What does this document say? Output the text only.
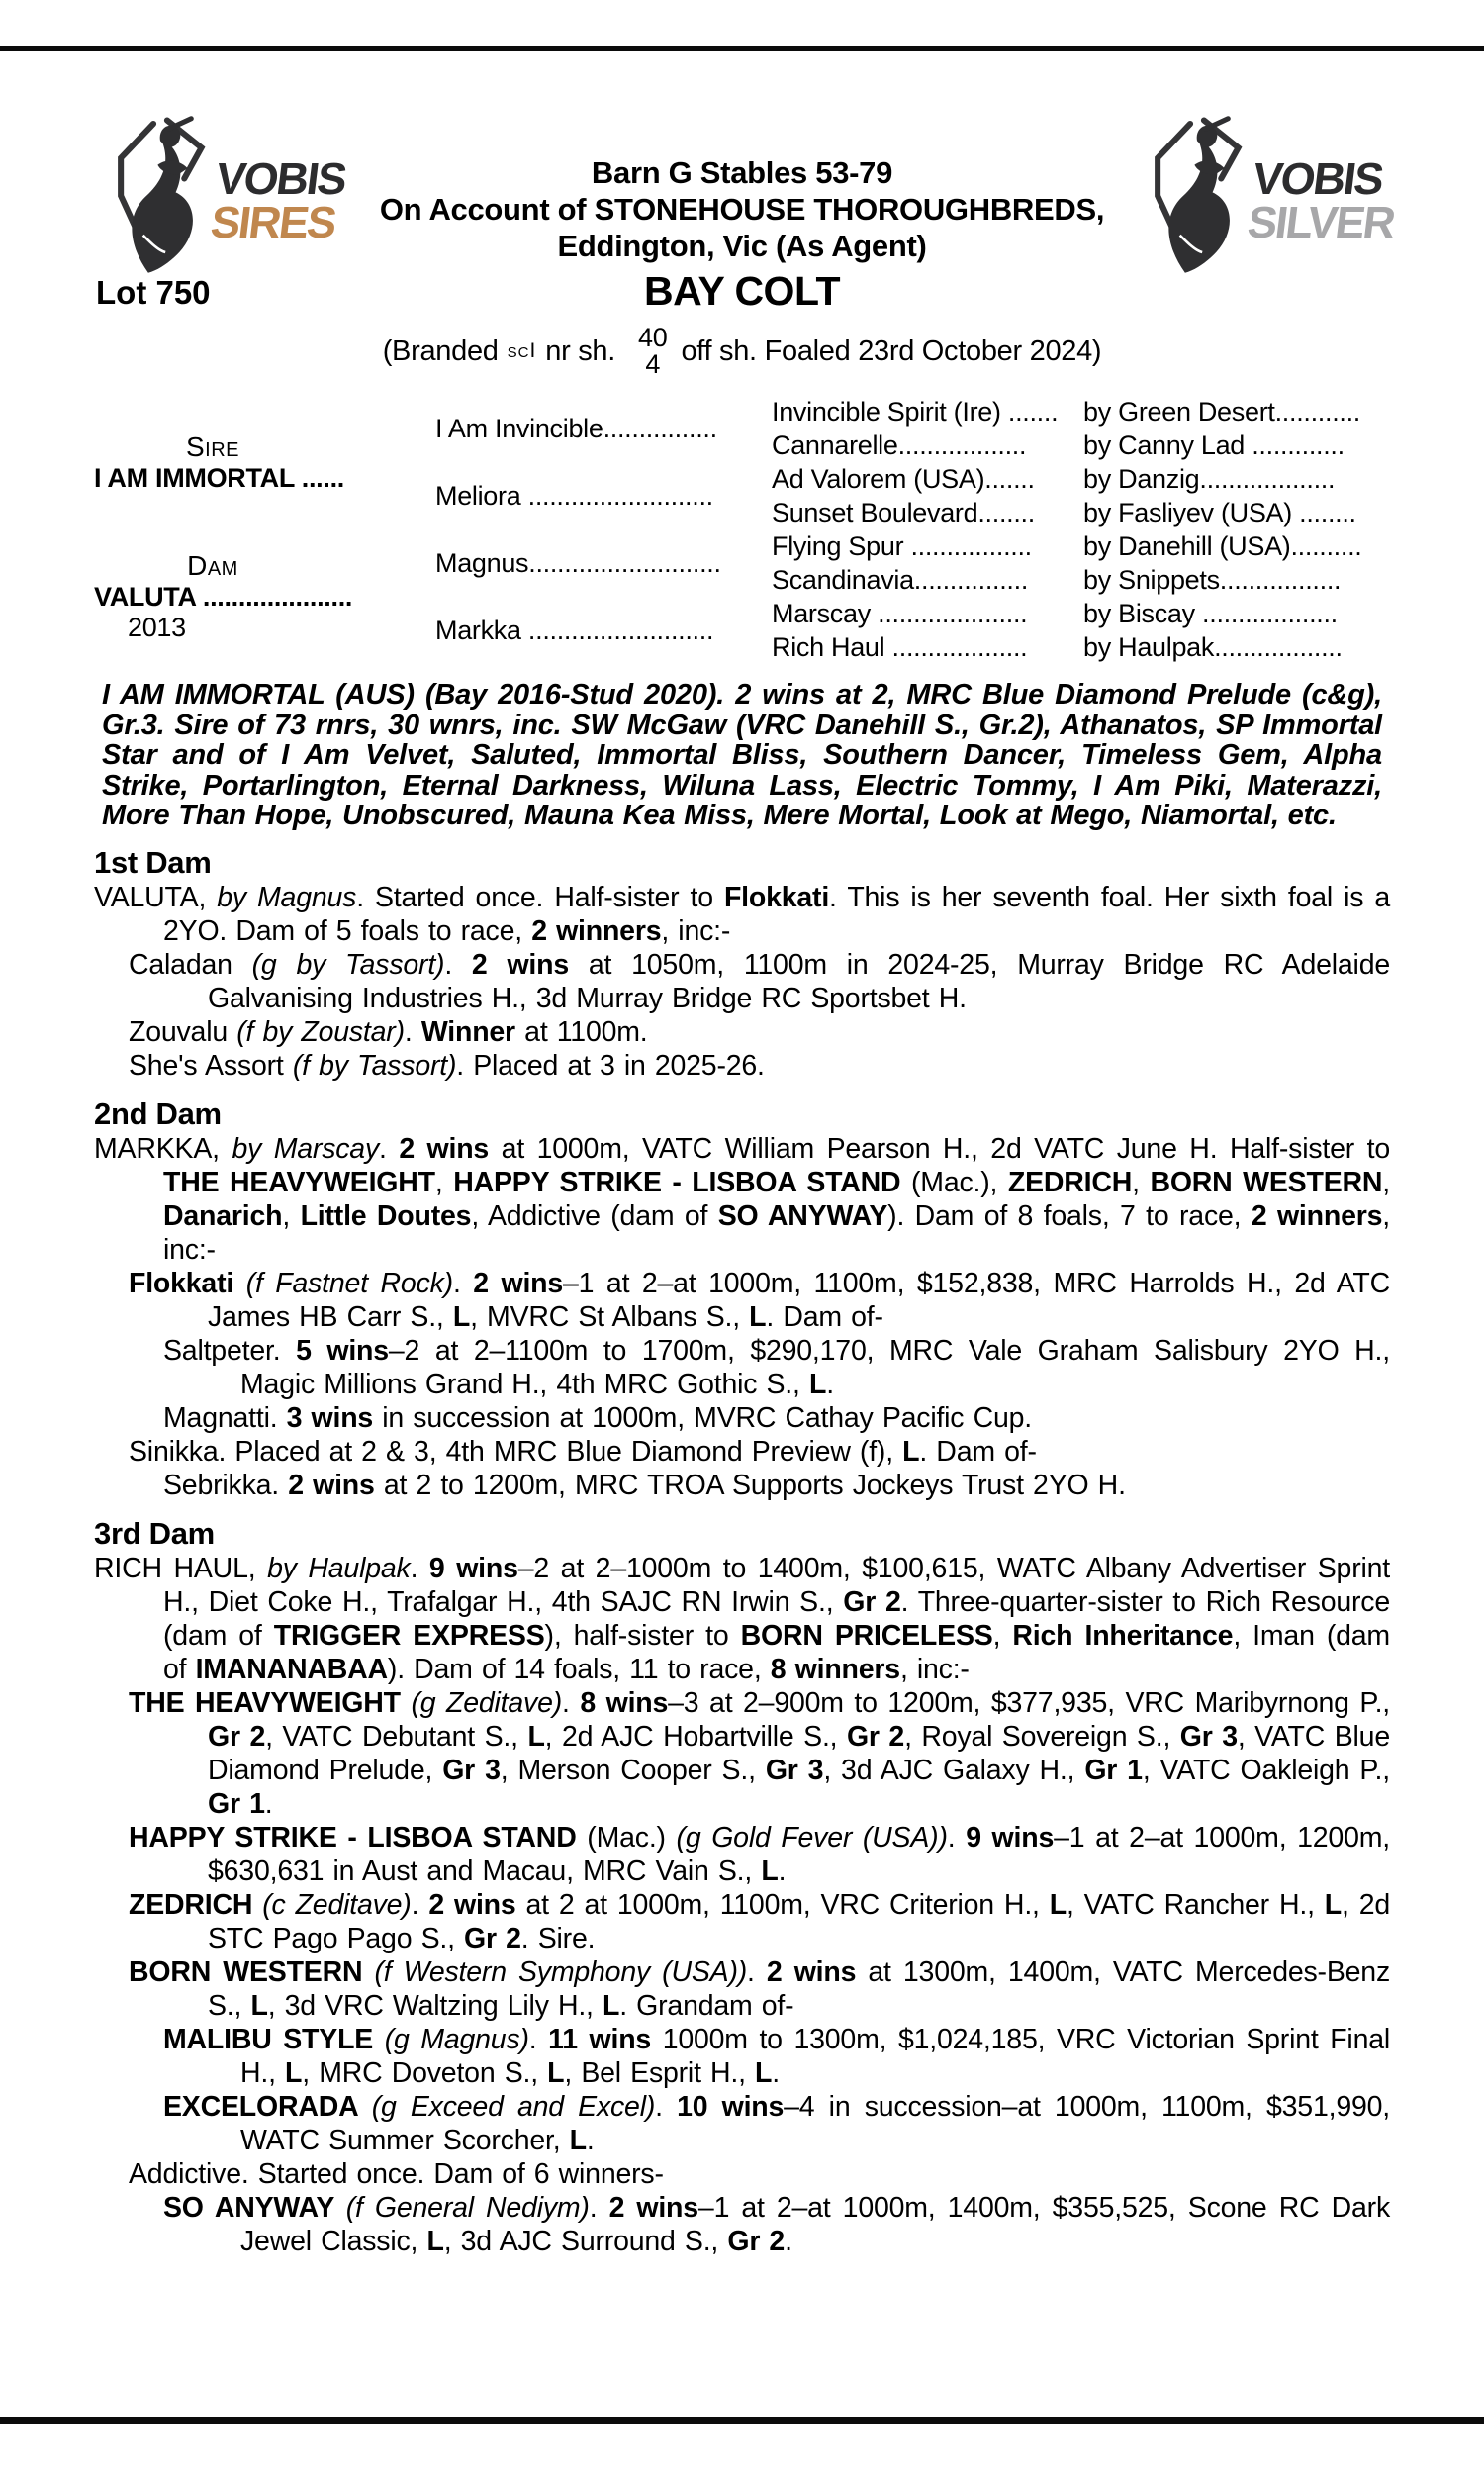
VOBIS
SIRES
VOBIS
SILVER
Barn G Stables 53-79
On Account of STONEHOUSE THOROUGHBREDS,
Eddington, Vic (As Agent)
Lot 750	BAY COLT
(Branded scI nr sh. 40
4 off sh. Foaled 23rd October 2024)
Sire
I AM IMMORTAL ......
Dam
VALUTA .....................
2013
I Am Invincible................
Meliora ..........................
Magnus...........................
Markka ..........................
Invincible Spirit (Ire) .......
Cannarelle..................
Ad Valorem (USA).......
Sunset Boulevard........
Flying Spur .................
Scandinavia................
Marscay .....................
Rich Haul ...................
by Green Desert............
by Canny Lad .............
by Danzig...................
by Fasliyev (USA) ........
by Danehill (USA)..........
by Snippets.................
by Biscay ...................
by Haulpak..................
I AM IMMORTAL (AUS) (Bay 2016-Stud 2020). 2 wins at 2, MRC Blue Diamond Prelude (c&g), Gr.3. Sire of 73 rnrs, 30 wnrs, inc. SW McGaw (VRC Danehill S., Gr.2), Athanatos, SP Immortal Star and of I Am Velvet, Saluted, Immortal Bliss, Southern Dancer, Timeless Gem, Alpha Strike, Portarlington, Eternal Darkness, Wiluna Lass, Electric Tommy, I Am Piki, Materazzi, More Than Hope, Unobscured, Mauna Kea Miss, Mere Mortal, Look at Mego, Niamortal, etc.
1st Dam
VALUTA, by Magnus. Started once. Half-sister to Flokkati. This is her seventh foal. Her sixth foal is a 2YO. Dam of 5 foals to race, 2 winners, inc:-
Caladan (g by Tassort). 2 wins at 1050m, 1100m in 2024-25, Murray Bridge RC Adelaide Galvanising Industries H., 3d Murray Bridge RC Sportsbet H.
Zouvalu (f by Zoustar). Winner at 1100m.
She's Assort (f by Tassort). Placed at 3 in 2025-26.
2nd Dam
MARKKA, by Marscay. 2 wins at 1000m, VATC William Pearson H., 2d VATC June H. Half-sister to THE HEAVYWEIGHT, HAPPY STRIKE - LISBOA STAND (Mac.), ZEDRICH, BORN WESTERN, Danarich, Little Doutes, Addictive (dam of SO ANYWAY). Dam of 8 foals, 7 to race, 2 winners, inc:-
Flokkati (f Fastnet Rock). 2 wins–1 at 2–at 1000m, 1100m, $152,838, MRC Harrolds H., 2d ATC James HB Carr S., L, MVRC St Albans S., L. Dam of-
Saltpeter. 5 wins–2 at 2–1100m to 1700m, $290,170, MRC Vale Graham Salisbury 2YO H., Magic Millions Grand H., 4th MRC Gothic S., L.
Magnatti. 3 wins in succession at 1000m, MVRC Cathay Pacific Cup.
Sinikka. Placed at 2 & 3, 4th MRC Blue Diamond Preview (f), L. Dam of-
Sebrikka. 2 wins at 2 to 1200m, MRC TROA Supports Jockeys Trust 2YO H.
3rd Dam
RICH HAUL, by Haulpak. 9 wins–2 at 2–1000m to 1400m, $100,615, WATC Albany Advertiser Sprint H., Diet Coke H., Trafalgar H., 4th SAJC RN Irwin S., Gr 2. Three-quarter-sister to Rich Resource (dam of TRIGGER EXPRESS), half-sister to BORN PRICELESS, Rich Inheritance, Iman (dam of IMANANABAA). Dam of 14 foals, 11 to race, 8 winners, inc:-
THE HEAVYWEIGHT (g Zeditave). 8 wins–3 at 2–900m to 1200m, $377,935, VRC Maribyrnong P., Gr 2, VATC Debutant S., L, 2d AJC Hobartville S., Gr 2, Royal Sovereign S., Gr 3, VATC Blue Diamond Prelude, Gr 3, Merson Cooper S., Gr 3, 3d AJC Galaxy H., Gr 1, VATC Oakleigh P., Gr 1.
HAPPY STRIKE - LISBOA STAND (Mac.) (g Gold Fever (USA)). 9 wins–1 at 2–at 1000m, 1200m, $630,631 in Aust and Macau, MRC Vain S., L.
ZEDRICH (c Zeditave). 2 wins at 2 at 1000m, 1100m, VRC Criterion H., L, VATC Rancher H., L, 2d STC Pago Pago S., Gr 2. Sire.
BORN WESTERN (f Western Symphony (USA)). 2 wins at 1300m, 1400m, VATC Mercedes-Benz S., L, 3d VRC Waltzing Lily H., L. Grandam of-
MALIBU STYLE (g Magnus). 11 wins 1000m to 1300m, $1,024,185, VRC Victorian Sprint Final H., L, MRC Doveton S., L, Bel Esprit H., L.
EXCELORADA (g Exceed and Excel). 10 wins–4 in succession–at 1000m, 1100m, $351,990, WATC Summer Scorcher, L.
Addictive. Started once. Dam of 6 winners-
SO ANYWAY (f General Nediym). 2 wins–1 at 2–at 1000m, 1400m, $355,525, Scone RC Dark Jewel Classic, L, 3d AJC Surround S., Gr 2.
